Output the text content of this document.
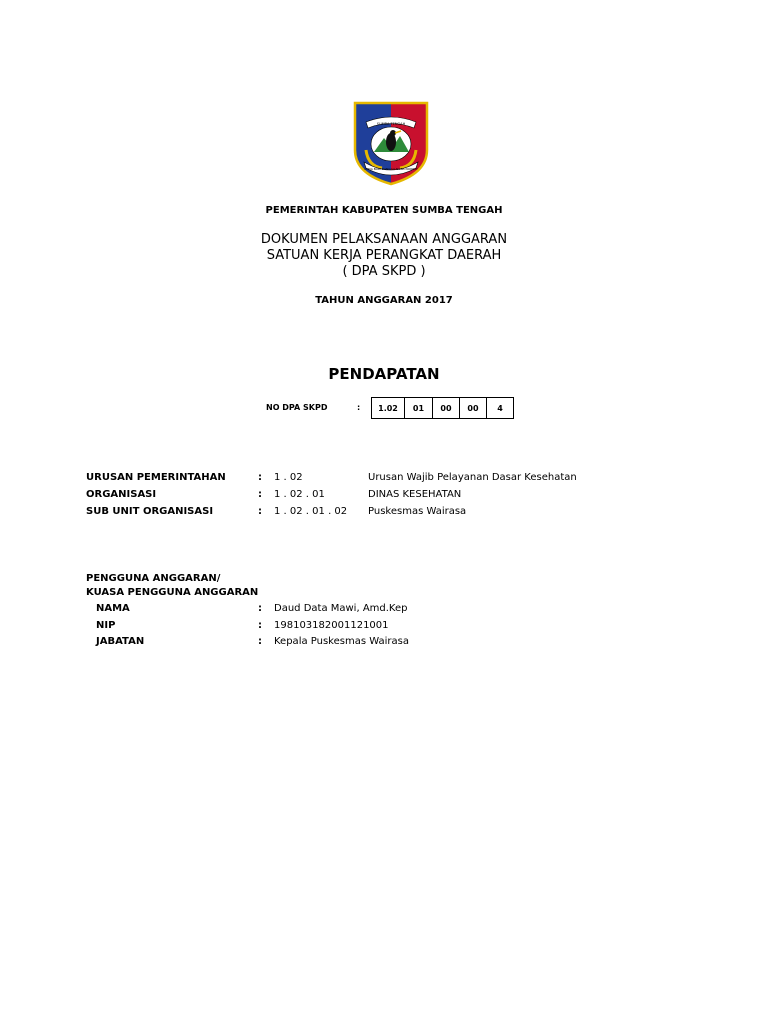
SUMBA TENGAH
ANDA BARI DANGGA NORA NORRAT
PEMERINTAH KABUPATEN SUMBA TENGAH
DOKUMEN PELAKSANAAN ANGGARAN
SATUAN KERJA PERANGKAT DAERAH
( DPA SKPD )
TAHUN ANGGARAN 2017
PENDAPATAN
NO DPA SKPD	:	1.02	01	00	00	4
URUSAN PEMERINTAHAN	: 1 . 02	Urusan Wajib Pelayanan Dasar Kesehatan
ORGANISASI	: 1 . 02 . 01	DINAS KESEHATAN
SUB UNIT ORGANISASI	: 1 . 02 . 01 . 02 Puskesmas Wairasa
PENGGUNA ANGGARAN/
KUASA PENGGUNA ANGGARAN
NAMA	: Daud Data Mawi, Amd.Kep
NIP	: 198103182001121001
JABATAN	: Kepala Puskesmas Wairasa
